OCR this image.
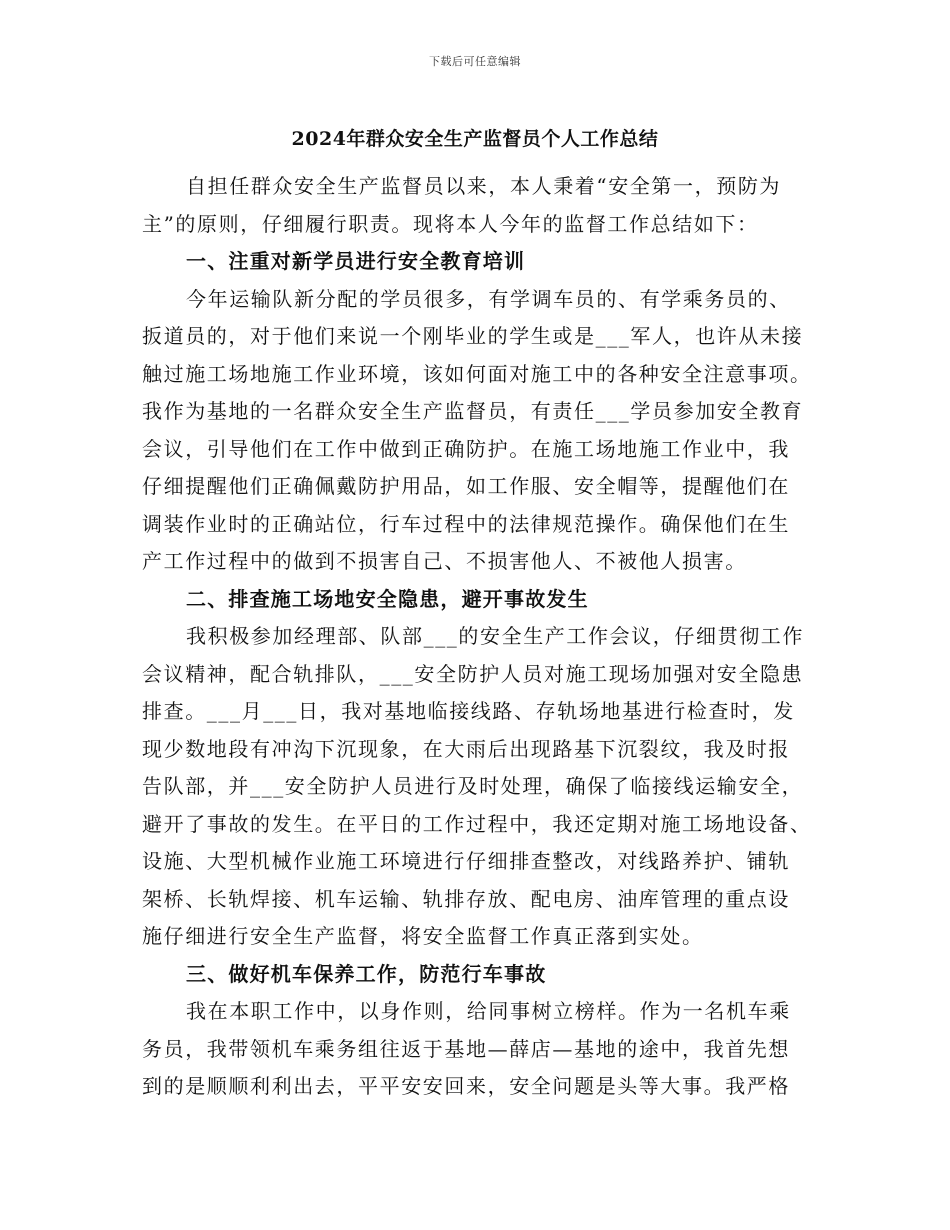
下载后可任意编辑
2024年群众安全生产监督员个人工作总结
自担任群众安全生产监督员以来，本人秉着“安全第一，预防为
主”的原则，仔细履行职责。现将本人今年的监督工作总结如下：
一、注重对新学员进行安全教育培训
今年运输队新分配的学员很多，有学调车员的、有学乘务员的、
扳道员的，对于他们来说一个刚毕业的学生或是___军人，也许从未接
触过施工场地施工作业环境，该如何面对施工中的各种安全注意事项。
我作为基地的一名群众安全生产监督员，有责任___学员参加安全教育
会议，引导他们在工作中做到正确防护。在施工场地施工作业中，我
仔细提醒他们正确佩戴防护用品，如工作服、安全帽等，提醒他们在
调装作业时的正确站位，行车过程中的法律规范操作。确保他们在生
产工作过程中的做到不损害自己、不损害他人、不被他人损害。
二、排查施工场地安全隐患，避开事故发生
我积极参加经理部、队部___的安全生产工作会议，仔细贯彻工作
会议精神，配合轨排队，___安全防护人员对施工现场加强对安全隐患
排查。___月___日，我对基地临接线路、存轨场地基进行检查时，发
现少数地段有冲沟下沉现象，在大雨后出现路基下沉裂纹，我及时报
告队部，并___安全防护人员进行及时处理，确保了临接线运输安全，
避开了事故的发生。在平日的工作过程中，我还定期对施工场地设备、
设施、大型机械作业施工环境进行仔细排查整改，对线路养护、铺轨
架桥、长轨焊接、机车运输、轨排存放、配电房、油库管理的重点设
施仔细进行安全生产监督，将安全监督工作真正落到实处。
三、做好机车保养工作，防范行车事故
我在本职工作中，以身作则，给同事树立榜样。作为一名机车乘
务员，我带领机车乘务组往返于基地—薛店—基地的途中，我首先想
到的是顺顺利利出去，平平安安回来，安全问题是头等大事。我严格
